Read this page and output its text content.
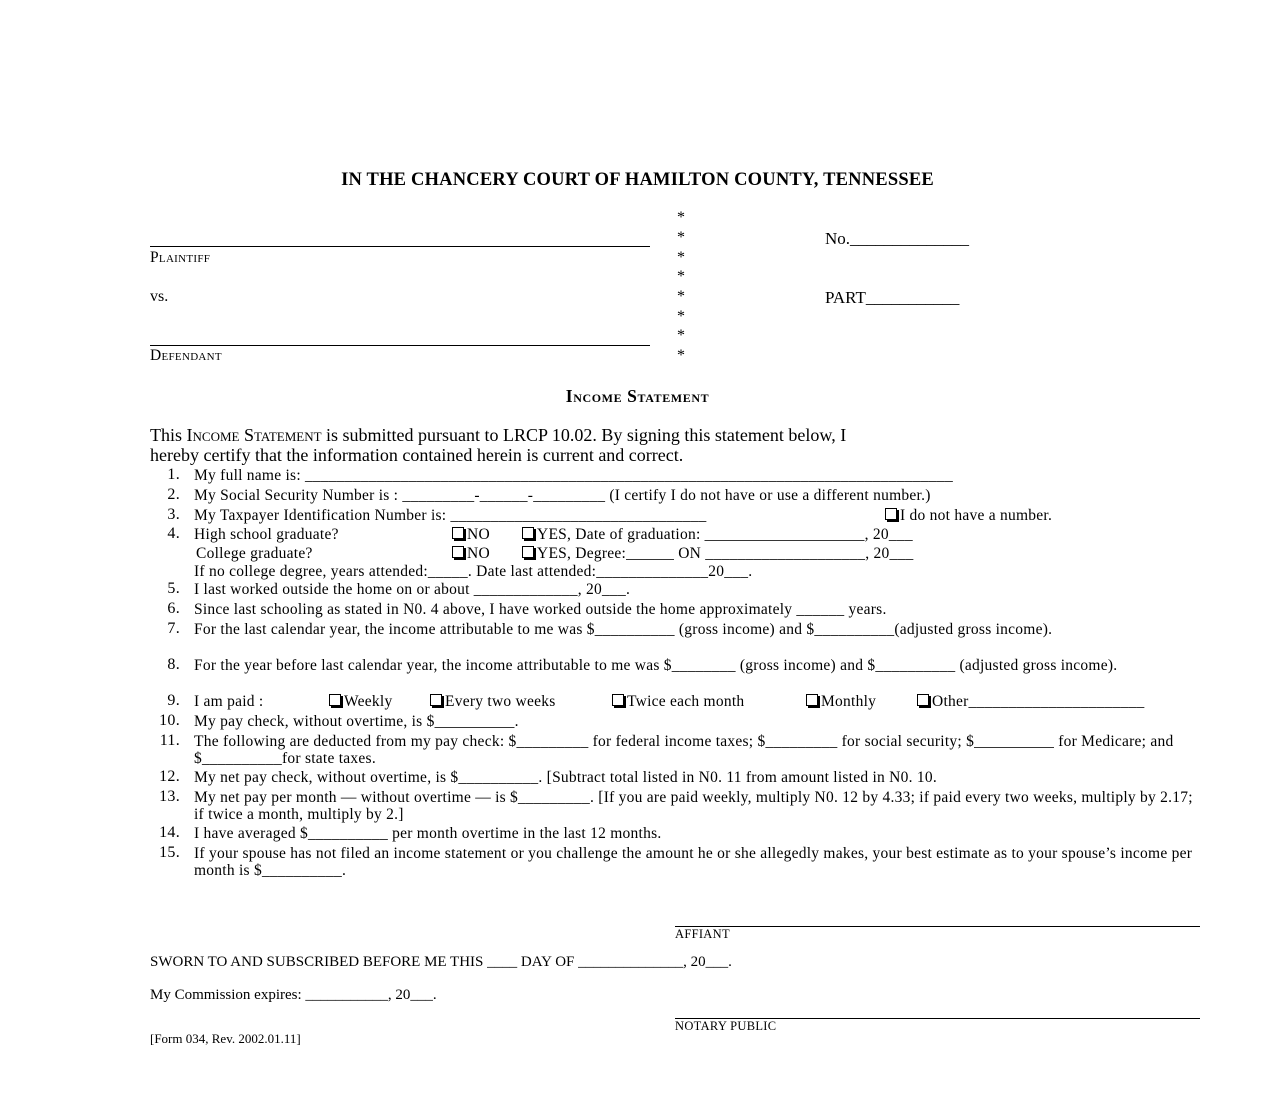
IN THE CHANCERY COURT OF HAMILTON COUNTY, TENNESSEE
Plaintiff
vs.
Defendant
*
*
*
*
*
*
*
*
No.______________
PART___________
Income Statement
This Income Statement is submitted pursuant to LRCP 10.02. By signing this statement below, I
hereby certify that the information contained herein is current and correct.
1. My full name is: _________________________________________________________________________________
2. My Social Security Number is : _________-______-_________ (I certify I do not have or use a different number.)
3. My Taxpayer Identification Number is: ________________________________	I do not have a number.
4. High school graduate?	NO	YES, Date of graduation: ____________________, 20___
College graduate?	NO	YES, Degree:______ ON ____________________, 20___
If no college degree, years attended:_____. Date last attended:______________20___.
5. I last worked outside the home on or about _____________, 20___.
6. Since last schooling as stated in N0. 4 above, I have worked outside the home approximately ______ years.
7. For the last calendar year, the income attributable to me was $__________ (gross income) and $__________(adjusted gross income).
8. For the year before last calendar year, the income attributable to me was $________ (gross income) and $__________ (adjusted gross income).
9. I am paid :	Weekly	Every two weeks	Twice each month	Monthly	Other______________________
10. My pay check, without overtime, is $__________.
11. The following are deducted from my pay check: $_________ for federal income taxes; $_________ for social security; $__________ for Medicare; and $__________for state taxes.
12. My net pay check, without overtime, is $__________. [Subtract total listed in N0. 11 from amount listed in N0. 10.
13. My net pay per month — without overtime — is $_________. [If you are paid weekly, multiply N0. 12 by 4.33; if paid every two weeks, multiply by 2.17; if twice a month, multiply by 2.]
14. I have averaged $__________ per month overtime in the last 12 months.
15. If your spouse has not filed an income statement or you challenge the amount he or she allegedly makes, your best estimate as to your spouse’s income per month is $__________.
AFFIANT
SWORN TO AND SUBSCRIBED BEFORE ME THIS ____ DAY OF ______________, 20___.
My Commission expires: ___________, 20___.
NOTARY PUBLIC
[Form 034, Rev. 2002.01.11]
